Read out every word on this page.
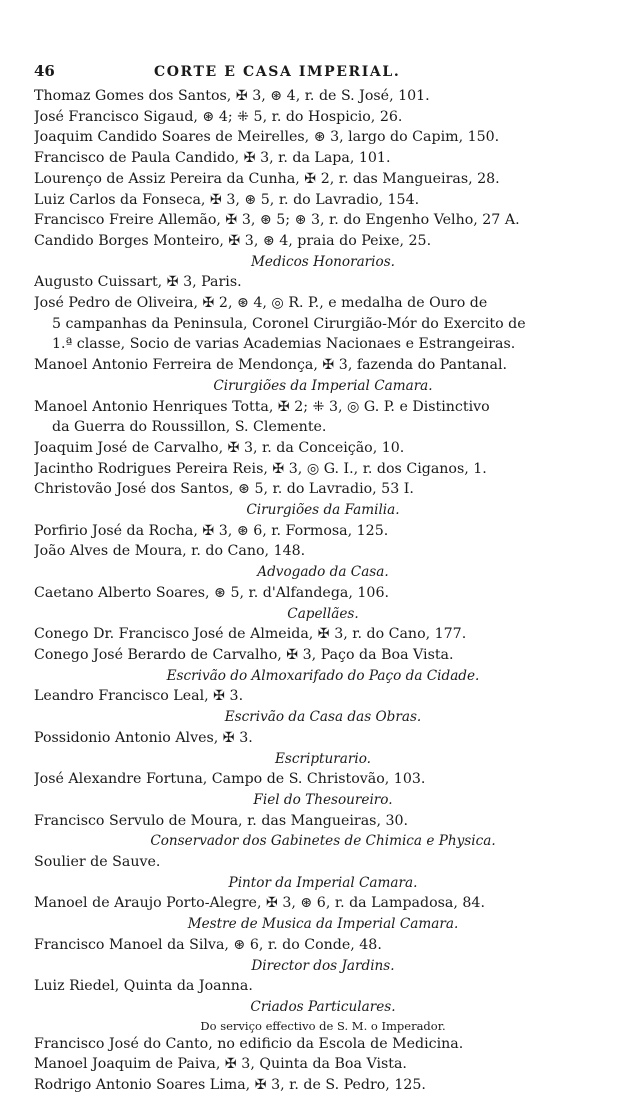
46	CORTE E CASA IMPERIAL.
Thomaz Gomes dos Santos, ✠ 3, ⊛ 4, r. de S. José, 101.
José Francisco Sigaud, ⊛ 4; ⁜ 5, r. do Hospicio, 26.
Joaquim Candido Soares de Meirelles, ⊛ 3, largo do Capim, 150.
Francisco de Paula Candido, ✠ 3, r. da Lapa, 101.
Lourenço de Assiz Pereira da Cunha, ✠ 2, r. das Mangueiras, 28.
Luiz Carlos da Fonseca, ✠ 3, ⊛ 5, r. do Lavradio, 154.
Francisco Freire Allemão, ✠ 3, ⊛ 5; ⊛ 3, r. do Engenho Velho, 27 A.
Candido Borges Monteiro, ✠ 3, ⊛ 4, praia do Peixe, 25.
Medicos Honorarios.
Augusto Cuissart, ✠ 3, Paris.
José Pedro de Oliveira, ✠ 2, ⊛ 4, ◎ R. P., e medalha de Ouro de
5 campanhas da Peninsula, Coronel Cirurgião-Mór do Exercito de
1.ª classe, Socio de varias Academias Nacionaes e Estrangeiras.
Manoel Antonio Ferreira de Mendonça, ✠ 3, fazenda do Pantanal.
Cirurgiões da Imperial Camara.
Manoel Antonio Henriques Totta, ✠ 2; ⁜ 3, ◎ G. P. e Distinctivo
da Guerra do Roussillon, S. Clemente.
Joaquim José de Carvalho, ✠ 3, r. da Conceição, 10.
Jacintho Rodrigues Pereira Reis, ✠ 3, ◎ G. I., r. dos Ciganos, 1.
Christovão José dos Santos, ⊛ 5, r. do Lavradio, 53 I.
Cirurgiões da Familia.
Porfirio José da Rocha, ✠ 3, ⊛ 6, r. Formosa, 125.
João Alves de Moura, r. do Cano, 148.
Advogado da Casa.
Caetano Alberto Soares, ⊛ 5, r. d'Alfandega, 106.
Capellães.
Conego Dr. Francisco José de Almeida, ✠ 3, r. do Cano, 177.
Conego José Berardo de Carvalho, ✠ 3, Paço da Boa Vista.
Escrivão do Almoxarifado do Paço da Cidade.
Leandro Francisco Leal, ✠ 3.
Escrivão da Casa das Obras.
Possidonio Antonio Alves, ✠ 3.
Escripturario.
José Alexandre Fortuna, Campo de S. Christovão, 103.
Fiel do Thesoureiro.
Francisco Servulo de Moura, r. das Mangueiras, 30.
Conservador dos Gabinetes de Chimica e Physica.
Soulier de Sauve.
Pintor da Imperial Camara.
Manoel de Araujo Porto-Alegre, ✠ 3, ⊛ 6, r. da Lampadosa, 84.
Mestre de Musica da Imperial Camara.
Francisco Manoel da Silva, ⊛ 6, r. do Conde, 48.
Director dos Jardins.
Luiz Riedel, Quinta da Joanna.
Criados Particulares.
Do serviço effectivo de S. M. o Imperador.
Francisco José do Canto, no edificio da Escola de Medicina.
Manoel Joaquim de Paiva, ✠ 3, Quinta da Boa Vista.
Rodrigo Antonio Soares Lima, ✠ 3, r. de S. Pedro, 125.
